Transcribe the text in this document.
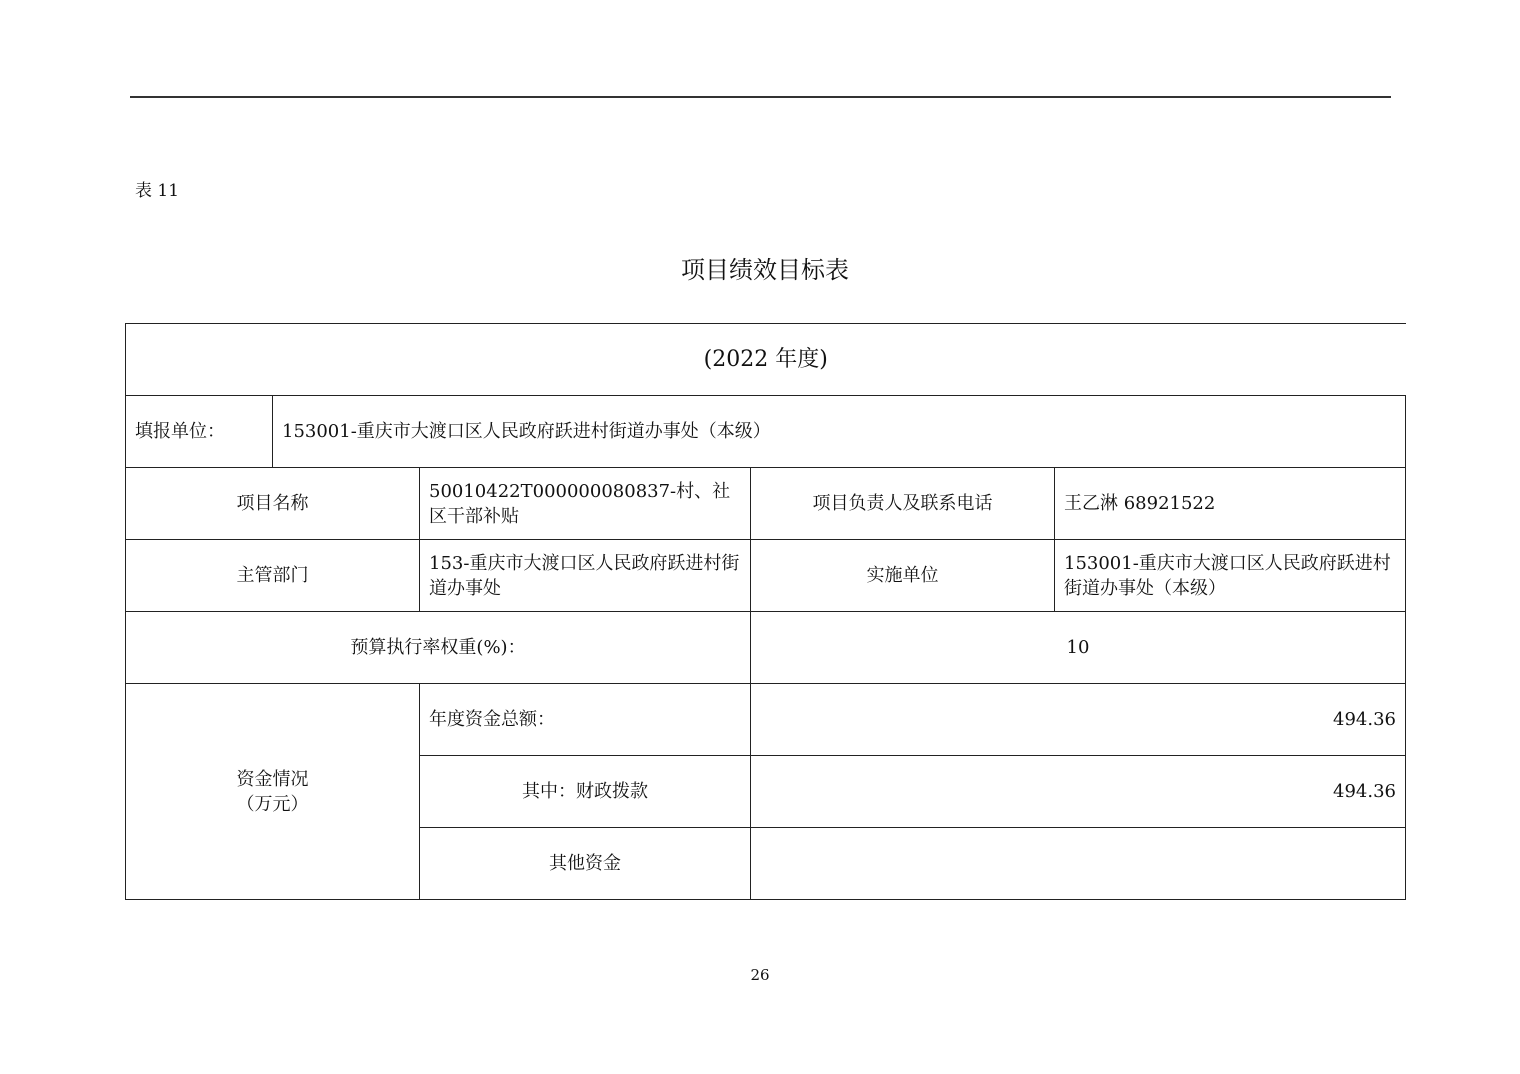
表 11
项目绩效目标表
(2022 年度)				
填报单位：	153001-重庆市大渡口区人民政府跃进村街道办事处（本级）			
项目名称		50010422T000000080837-村、社区干部补贴	项目负责人及联系电话	王乙淋 68921522
主管部门		153-重庆市大渡口区人民政府跃进村街道办事处	实施单位	153001-重庆市大渡口区人民政府跃进村街道办事处（本级）
预算执行率权重(%)：			10	

资金情况
（万元）		年度资金总额：	494.36	
		其中：财政拨款	494.36	
		其他资金		
26
